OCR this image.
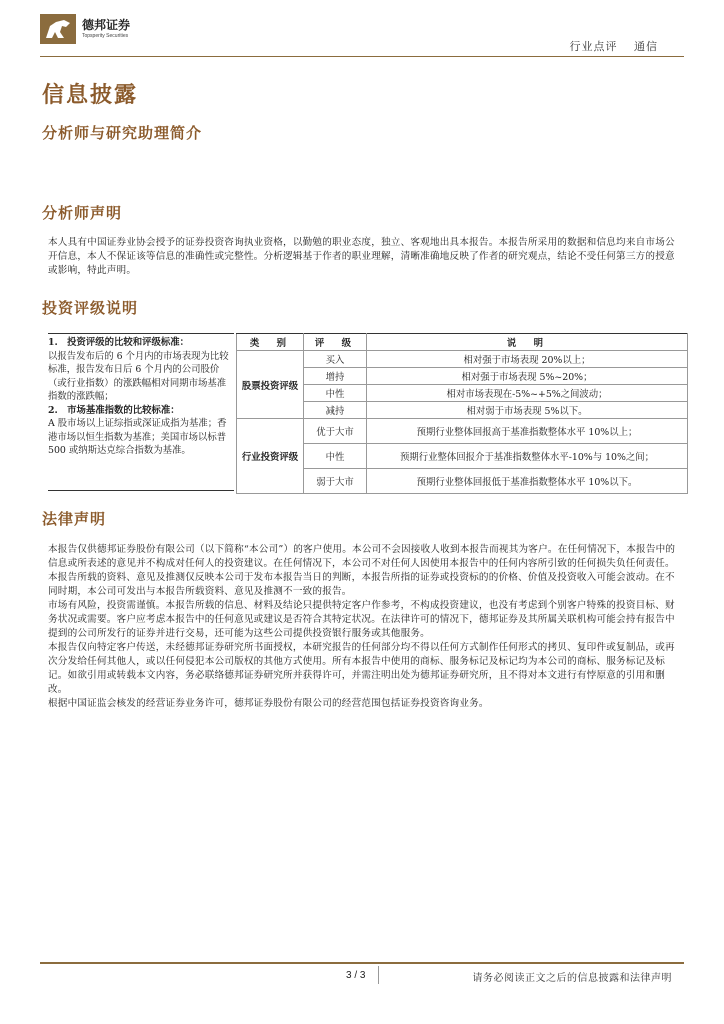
德邦证券
Topsperity Securities
行业点评 通信
信息披露
分析师与研究助理简介
分析师声明

本人具有中国证券业协会授予的证券投资咨询执业资格，以勤勉的职业态度，独立、客观地出具本报告。本报告所采用的数据和信息均来自市场公开信息，本人不保证该等信息的准确性或完整性。分析逻辑基于作者的职业理解，清晰准确地反映了作者的研究观点，结论不受任何第三方的授意或影响，特此声明。

投资评级说明
1.　投资评级的比较和评级标准：
以报告发布后的 6 个月内的市场表现为比较标准，报告发布日后 6 个月内的公司股价（或行业指数）的涨跌幅相对同期市场基准指数的涨跌幅；
2.　市场基准指数的比较标准：
A 股市场以上证综指或深证成指为基准；香港市场以恒生指数为基准；美国市场以标普 500 或纳斯达克综合指数为基准。
类　别	评　级	说　明
股票投资评级	买入	相对强于市场表现 20%以上；
	增持	相对强于市场表现 5%~20%；
	中性	相对市场表现在-5%~+5%之间波动；
	减持	相对弱于市场表现 5%以下。
行业投资评级	优于大市	预期行业整体回报高于基准指数整体水平 10%以上；
	中性	预期行业整体回报介于基准指数整体水平-10%与 10%之间；
	弱于大市	预期行业整体回报低于基准指数整体水平 10%以下。
法律声明

本报告仅供德邦证券股份有限公司（以下简称“本公司”）的客户使用。本公司不会因接收人收到本报告而视其为客户。在任何情况下，本报告中的信息或所表述的意见并不构成对任何人的投资建议。在任何情况下，本公司不对任何人因使用本报告中的任何内容所引致的任何损失负任何责任。

本报告所载的资料、意见及推测仅反映本公司于发布本报告当日的判断，本报告所指的证券或投资标的的价格、价值及投资收入可能会波动。在不同时期，本公司可发出与本报告所载资料、意见及推测不一致的报告。

市场有风险，投资需谨慎。本报告所载的信息、材料及结论只提供特定客户作参考，不构成投资建议，也没有考虑到个别客户特殊的投资目标、财务状况或需要。客户应考虑本报告中的任何意见或建议是否符合其特定状况。在法律许可的情况下，德邦证券及其所属关联机构可能会持有报告中提到的公司所发行的证券并进行交易，还可能为这些公司提供投资银行服务或其他服务。

本报告仅向特定客户传送，未经德邦证券研究所书面授权，本研究报告的任何部分均不得以任何方式制作任何形式的拷贝、复印件或复制品，或再次分发给任何其他人，或以任何侵犯本公司版权的其他方式使用。所有本报告中使用的商标、服务标记及标记均为本公司的商标、服务标记及标记。如欲引用或转载本文内容，务必联络德邦证券研究所并获得许可，并需注明出处为德邦证券研究所，且不得对本文进行有悖原意的引用和删改。

根据中国证监会核发的经营证券业务许可，德邦证券股份有限公司的经营范围包括证券投资咨询业务。

3 / 3	请务必阅读正文之后的信息披露和法律声明
